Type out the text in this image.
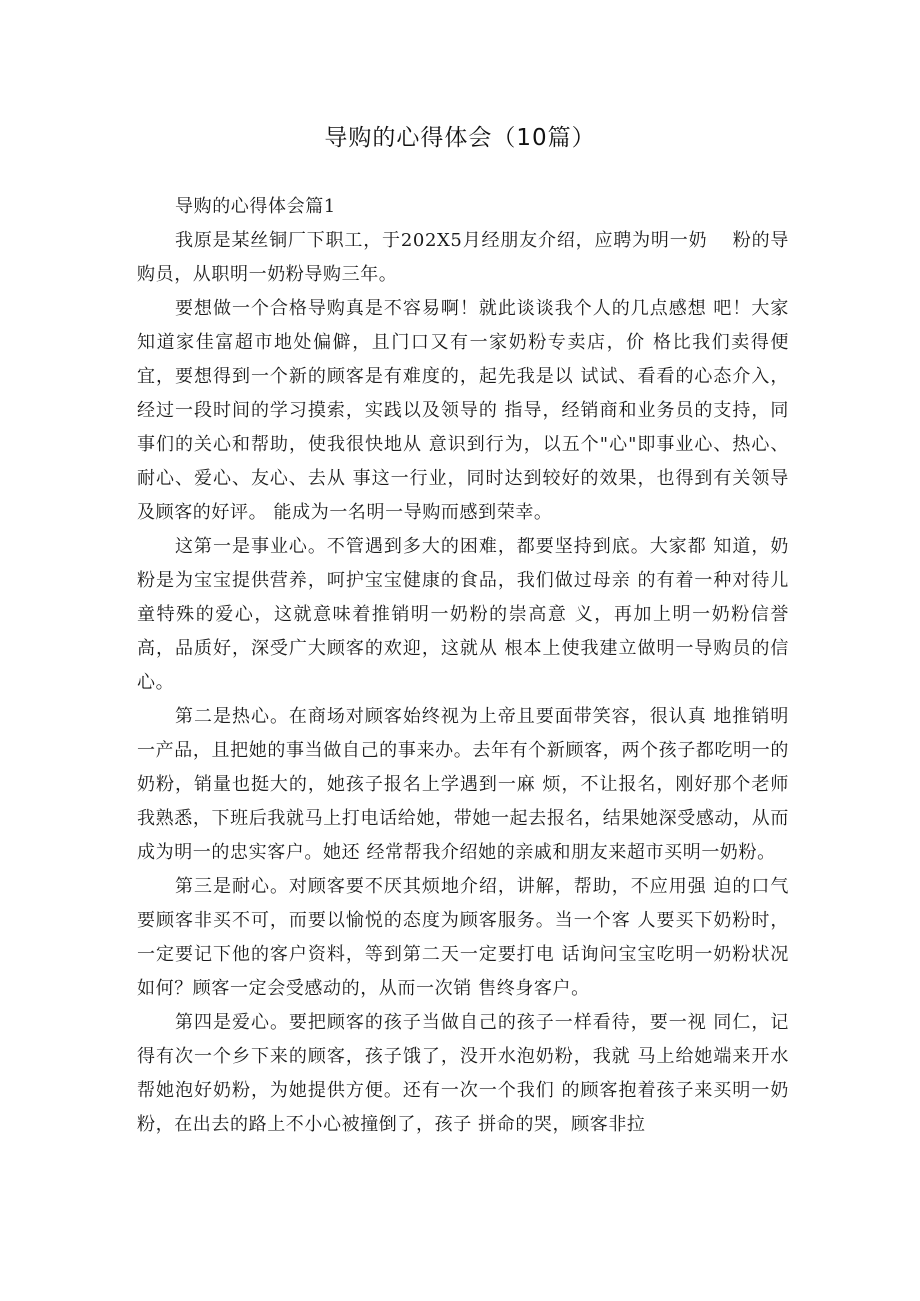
导购的心得体会（10篇）

导购的心得体会篇1

我原是某丝铜厂下职工，于202X5月经朋友介绍，应聘为明一奶　 粉的导购员，从职明一奶粉导购三年。

要想做一个合格导购真是不容易啊！就此谈谈我个人的几点感想 吧！大家知道家佳富超市地处偏僻，且门口又有一家奶粉专卖店，价 格比我们卖得便宜，要想得到一个新的顾客是有难度的，起先我是以 试试、看看的心态介入，经过一段时间的学习摸索，实践以及领导的 指导，经销商和业务员的支持，同事们的关心和帮助，使我很快地从 意识到行为，以五个"心"即事业心、热心、耐心、爱心、友心、去从 事这一行业，同时达到较好的效果，也得到有关领导及顾客的好评。 能成为一名明一导购而感到荣幸。

这第一是事业心。不管遇到多大的困难，都要坚持到底。大家都 知道，奶粉是为宝宝提供营养，呵护宝宝健康的食品，我们做过母亲 的有着一种对待儿童特殊的爱心，这就意味着推销明一奶粉的崇高意 义，再加上明一奶粉信誉高，品质好，深受广大顾客的欢迎，这就从 根本上使我建立做明一导购员的信心。

第二是热心。在商场对顾客始终视为上帝且要面带笑容，很认真 地推销明一产品，且把她的事当做自己的事来办。去年有个新顾客，两个孩子都吃明一的奶粉，销量也挺大的，她孩子报名上学遇到一麻 烦，不让报名，刚好那个老师我熟悉，下班后我就马上打电话给她，带她一起去报名，结果她深受感动，从而成为明一的忠实客户。她还 经常帮我介绍她的亲戚和朋友来超市买明一奶粉。

第三是耐心。对顾客要不厌其烦地介绍，讲解，帮助，不应用强 迫的口气要顾客非买不可，而要以愉悦的态度为顾客服务。当一个客 人要买下奶粉时，一定要记下他的客户资料，等到第二天一定要打电 话询问宝宝吃明一奶粉状况如何？顾客一定会受感动的，从而一次销 售终身客户。

第四是爱心。要把顾客的孩子当做自己的孩子一样看待，要一视 同仁，记得有次一个乡下来的顾客，孩子饿了，没开水泡奶粉，我就 马上给她端来开水帮她泡好奶粉，为她提供方便。还有一次一个我们 的顾客抱着孩子来买明一奶粉，在出去的路上不小心被撞倒了，孩子 拼命的哭，顾客非拉
